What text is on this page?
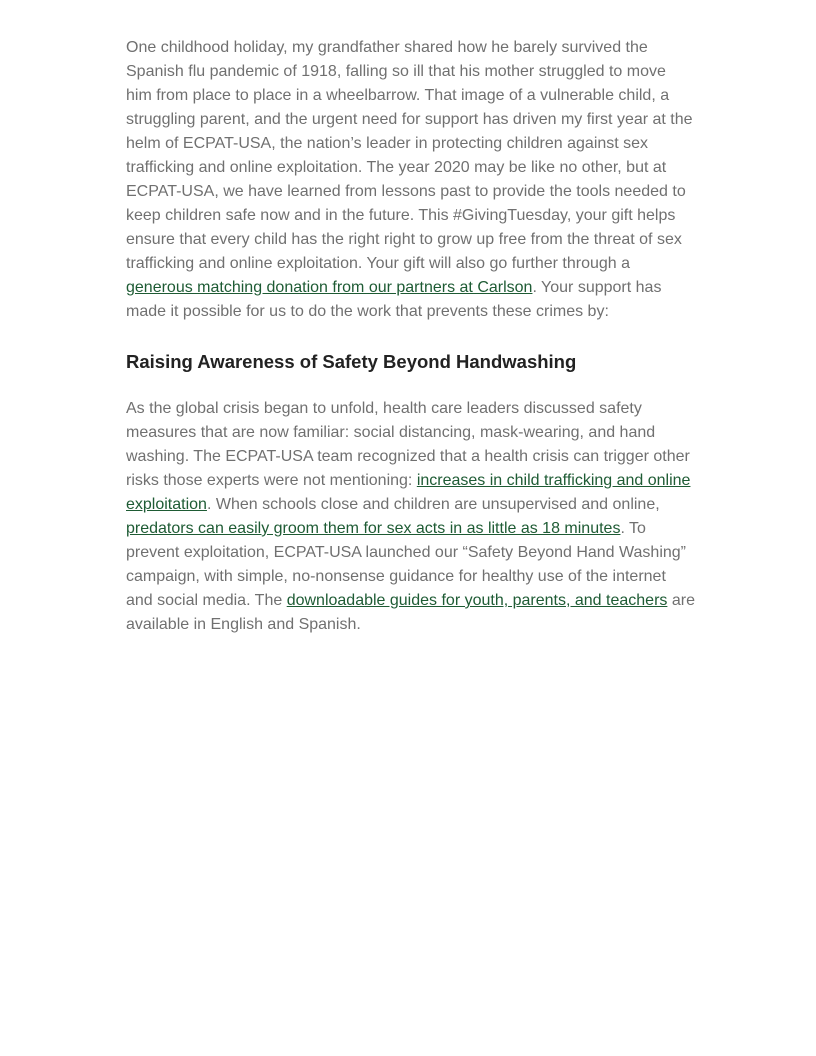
One childhood holiday, my grandfather shared how he barely survived the Spanish flu pandemic of 1918, falling so ill that his mother struggled to move him from place to place in a wheelbarrow. That image of a vulnerable child, a struggling parent, and the urgent need for support has driven my first year at the helm of ECPAT-USA, the nation’s leader in protecting children against sex trafficking and online exploitation. The year 2020 may be like no other, but at ECPAT-USA, we have learned from lessons past to provide the tools needed to keep children safe now and in the future. This #GivingTuesday, your gift helps ensure that every child has the right right to grow up free from the threat of sex trafficking and online exploitation. Your gift will also go further through a generous matching donation from our partners at Carlson. Your support has made it possible for us to do the work that prevents these crimes by:

Raising Awareness of Safety Beyond Handwashing

As the global crisis began to unfold, health care leaders discussed safety measures that are now familiar: social distancing, mask-wearing, and hand washing. The ECPAT-USA team recognized that a health crisis can trigger other risks those experts were not mentioning: increases in child trafficking and online exploitation. When schools close and children are unsupervised and online, predators can easily groom them for sex acts in as little as 18 minutes. To prevent exploitation, ECPAT-USA launched our “Safety Beyond Hand Washing” campaign, with simple, no-nonsense guidance for healthy use of the internet and social media. The downloadable guides for youth, parents, and teachers are available in English and Spanish.
